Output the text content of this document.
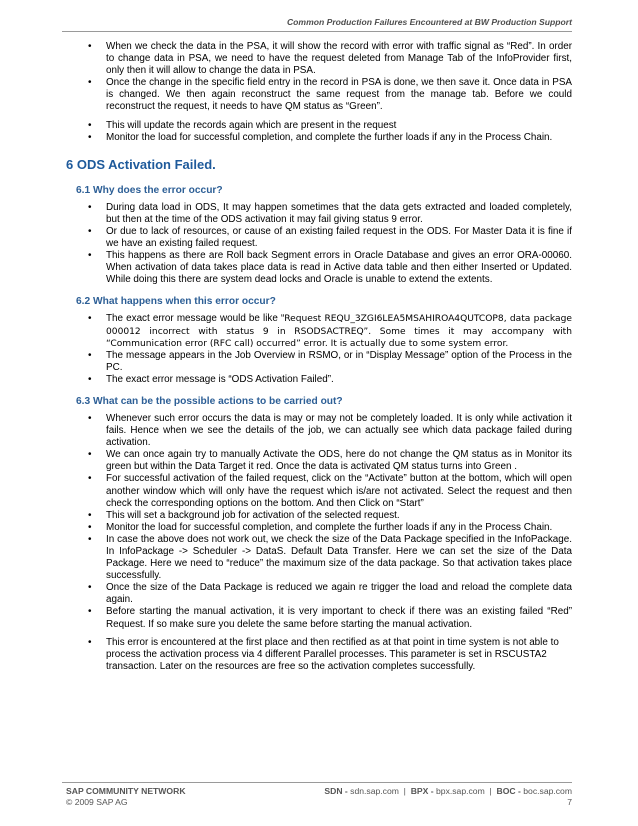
Common Production Failures Encountered at BW Production Support
• When we check the data in the PSA, it will show the record with error with traffic signal as “Red”. In order to change data in PSA, we need to have the request deleted from Manage Tab of the InfoProvider first, only then it will allow to change the data in PSA.
• Once the change in the specific field entry in the record in PSA is done, we then save it. Once data in PSA is changed. We then again reconstruct the same request from the manage tab. Before we could reconstruct the request, it needs to have QM status as “Green”.
• This will update the records again which are present in the request
• Monitor the load for successful completion, and complete the further loads if any in the Process Chain.
6 ODS Activation Failed.
6.1 Why does the error occur?
• During data load in ODS, It may happen sometimes that the data gets extracted and loaded completely, but then at the time of the ODS activation it may fail giving status 9 error.
• Or due to lack of resources, or cause of an existing failed request in the ODS. For Master Data it is fine if we have an existing failed request.
• This happens as there are Roll back Segment errors in Oracle Database and gives an error ORA-00060. When activation of data takes place data is read in Active data table and then either Inserted or Updated. While doing this there are system dead locks and Oracle is unable to extend the extents.
6.2 What happens when this error occur?
• The exact error message would be like “Request REQU_3ZGI6LEA5MSAHIROA4QUTCOP8, data package 000012 incorrect with status 9 in RSODSACTREQ”. Some times it may accompany with “Communication error (RFC call) occurred” error. It is actually due to some system error.
• The message appears in the Job Overview in RSMO, or in “Display Message” option of the Process in the PC.
• The exact error message is “ODS Activation Failed”.
6.3 What can be the possible actions to be carried out?
• Whenever such error occurs the data is may or may not be completely loaded. It is only while activation it fails. Hence when we see the details of the job, we can actually see which data package failed during activation.
• We can once again try to manually Activate the ODS, here do not change the QM status as in Monitor its green but within the Data Target it red. Once the data is activated QM status turns into Green .
• For successful activation of the failed request, click on the “Activate” button at the bottom, which will open another window which will only have the request which is/are not activated. Select the request and then check the corresponding options on the bottom. And then Click on “Start”
• This will set a background job for activation of the selected request.
• Monitor the load for successful completion, and complete the further loads if any in the Process Chain.
• In case the above does not work out, we check the size of the Data Package specified in the InfoPackage. In InfoPackage -> Scheduler -> DataS. Default Data Transfer. Here we can set the size of the Data Package. Here we need to “reduce” the maximum size of the data package. So that activation takes place successfully.
• Once the size of the Data Package is reduced we again re trigger the load and reload the complete data again.
• Before starting the manual activation, it is very important to check if there was an existing failed “Red” Request. If so make sure you delete the same before starting the manual activation.
• This error is encountered at the first place and then rectified as at that point in time system is not able to process the activation process via 4 different Parallel processes. This parameter is set in RSCUSTA2 transaction. Later on the resources are free so the activation completes successfully.
SAP COMMUNITY NETWORK
© 2009 SAP AG
SDN - sdn.sap.com  |  BPX - bpx.sap.com  |  BOC - boc.sap.com
7
